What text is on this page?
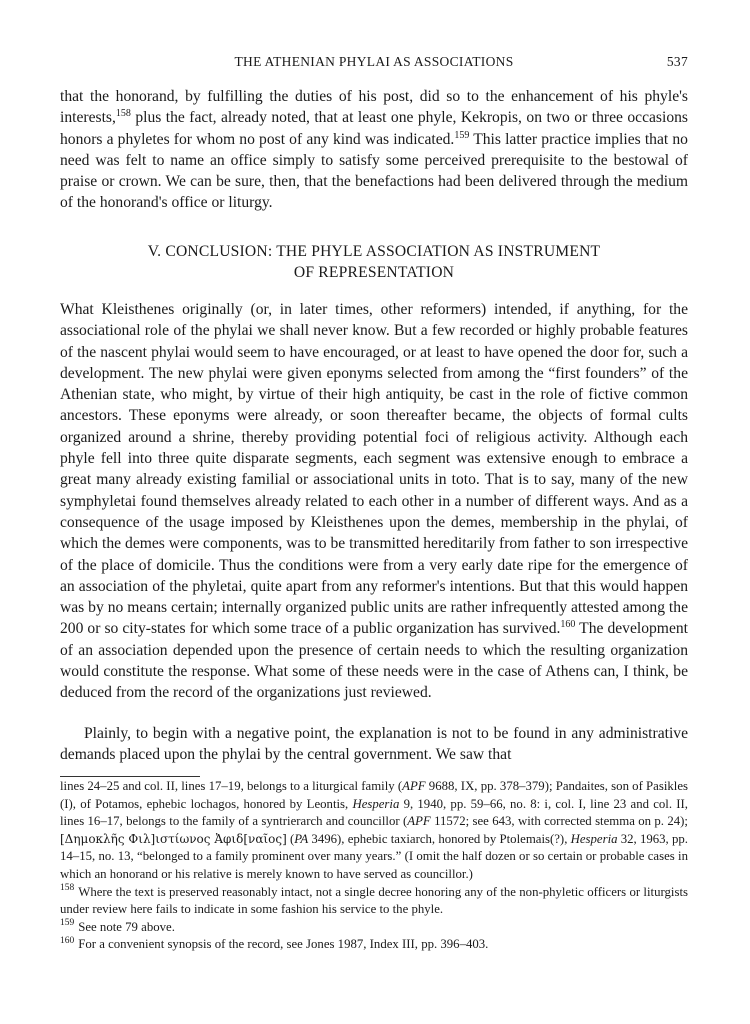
THE ATHENIAN PHYLAI AS ASSOCIATIONS	537

that the honorand, by fulfilling the duties of his post, did so to the enhancement of his phyle's interests,$^{158}$ plus the fact, already noted, that at least one phyle, Kekropis, on two or three occasions honors a phyletes for whom no post of any kind was indicated.$^{159}$ This latter practice implies that no need was felt to name an office simply to satisfy some perceived prerequisite to the bestowal of praise or crown. We can be sure, then, that the benefactions had been delivered through the medium of the honorand's office or liturgy.

V. CONCLUSION: THE PHYLE ASSOCIATION AS INSTRUMENT
OF REPRESENTATION

What Kleisthenes originally (or, in later times, other reformers) intended, if anything, for the associational role of the phylai we shall never know. But a few recorded or highly probable features of the nascent phylai would seem to have encouraged, or at least to have opened the door for, such a development. The new phylai were given eponyms selected from among the “first founders” of the Athenian state, who might, by virtue of their high antiquity, be cast in the role of fictive common ancestors. These eponyms were already, or soon thereafter became, the objects of formal cults organized around a shrine, thereby providing potential foci of religious activity. Although each phyle fell into three quite disparate segments, each segment was extensive enough to embrace a great many already existing familial or associational units in toto. That is to say, many of the new symphyletai found themselves already related to each other in a number of different ways. And as a consequence of the usage imposed by Kleisthenes upon the demes, membership in the phylai, of which the demes were components, was to be transmitted hereditarily from father to son irrespective of the place of domicile. Thus the conditions were from a very early date ripe for the emergence of an association of the phyletai, quite apart from any reformer's intentions. But that this would happen was by no means certain; internally organized public units are rather infrequently attested among the 200 or so city-states for which some trace of a public organization has survived.$^{160}$ The development of an association depended upon the presence of certain needs to which the resulting organization would constitute the response. What some of these needs were in the case of Athens can, I think, be deduced from the record of the organizations just reviewed.

Plainly, to begin with a negative point, the explanation is not to be found in any administrative demands placed upon the phylai by the central government. We saw that

lines 24–25 and col. II, lines 17–19, belongs to a liturgical family (APF 9688, IX, pp. 378–379); Pandaites, son of Pasikles (I), of Potamos, ephebic lochagos, honored by Leontis, Hesperia 9, 1940, pp. 59–66, no. 8: i, col. I, line 23 and col. II, lines 16–17, belongs to the family of a syntrierarch and councillor (APF 11572; see 643, with corrected stemma on p. 24); [Δημοκλῆς Φιλ]ιστίωνος Ἀφιδ[ναῖος] (PA 3496), ephebic taxiarch, honored by Ptolemais(?), Hesperia 32, 1963, pp. 14–15, no. 13, “belonged to a family prominent over many years.” (I omit the half dozen or so certain or probable cases in which an honorand or his relative is merely known to have served as councillor.)

$^{158}$ Where the text is preserved reasonably intact, not a single decree honoring any of the non-phyletic officers or liturgists under review here fails to indicate in some fashion his service to the phyle.

$^{159}$ See note 79 above.

$^{160}$ For a convenient synopsis of the record, see Jones 1987, Index III, pp. 396–403.
